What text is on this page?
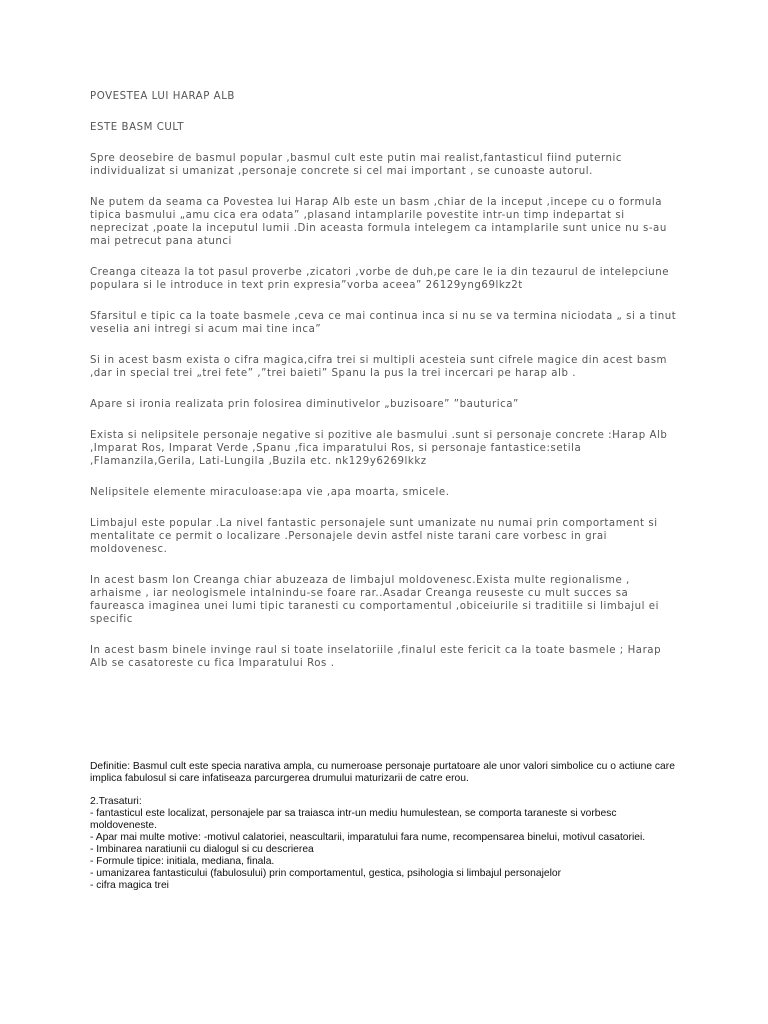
POVESTEA LUI HARAP ALB

ESTE BASM CULT

Spre deosebire de basmul popular ,basmul cult este putin mai realist,fantasticul fiind puternic individualizat si umanizat ,personaje concrete si cel mai important , se cunoaste autorul.

Ne putem da seama ca Povestea lui Harap Alb este un basm ,chiar de la inceput ,incepe cu o formula tipica basmului „amu cica era odata” ,plasand intamplarile povestite intr-un timp indepartat si neprecizat ,poate la inceputul lumii .Din aceasta formula intelegem ca intamplarile sunt unice nu s-au mai petrecut pana atunci

Creanga citeaza la tot pasul proverbe ,zicatori ,vorbe de duh,pe care le ia din tezaurul de intelepciune populara si le introduce in text prin expresia”vorba aceea” 26129yng69lkz2t

Sfarsitul e tipic ca la toate basmele ,ceva ce mai continua inca si nu se va termina niciodata „ si a tinut veselia ani intregi si acum mai tine inca”

Si in acest basm exista o cifra magica,cifra trei si multipli acesteia sunt cifrele magice din acest basm ,dar in special trei „trei fete” ,”trei baieti” Spanu la pus la trei incercari pe harap alb .

Apare si ironia realizata prin folosirea diminutivelor „buzisoare” ”bauturica”

Exista si nelipsitele personaje negative si pozitive ale basmului .sunt si personaje concrete :Harap Alb ,Imparat Ros, Imparat Verde ,Spanu ,fica imparatului Ros, si personaje fantastice:setila ,Flamanzila,Gerila, Lati-Lungila ,Buzila etc. nk129y6269lkkz

Nelipsitele elemente miraculoase:apa vie ,apa moarta, smicele.

Limbajul este popular .La nivel fantastic personajele sunt umanizate nu numai prin comportament si mentalitate ce permit o localizare .Personajele devin astfel niste tarani care vorbesc in grai moldovenesc.

In acest basm Ion Creanga chiar abuzeaza de limbajul moldovenesc.Exista multe regionalisme , arhaisme , iar neologismele intalnindu-se foare rar..Asadar Creanga reuseste cu mult succes sa faureasca imaginea unei lumi tipic taranesti cu comportamentul ,obiceiurile si traditiile si limbajul ei specific

In acest basm binele invinge raul si toate inselatoriile ,finalul este fericit ca la toate basmele ; Harap Alb se casatoreste cu fica Imparatului Ros .

Definitie: Basmul cult este specia narativa ampla, cu numeroase personaje purtatoare ale unor valori simbolice cu o actiune care implica fabulosul si care infatiseaza parcurgerea drumului maturizarii de catre erou.

2.Trasaturi:
- fantasticul este localizat, personajele par sa traiasca intr-un mediu humulestean, se comporta taraneste si vorbesc moldoveneste.
- Apar mai multe motive: -motivul calatoriei, neascultarii, imparatului fara nume, recompensarea binelui, motivul casatoriei.
- Imbinarea naratiunii cu dialogul si cu descrierea
- Formule tipice: initiala, mediana, finala.
- umanizarea fantasticului (fabulosului) prin comportamentul, gestica, psihologia si limbajul personajelor
- cifra magica trei
